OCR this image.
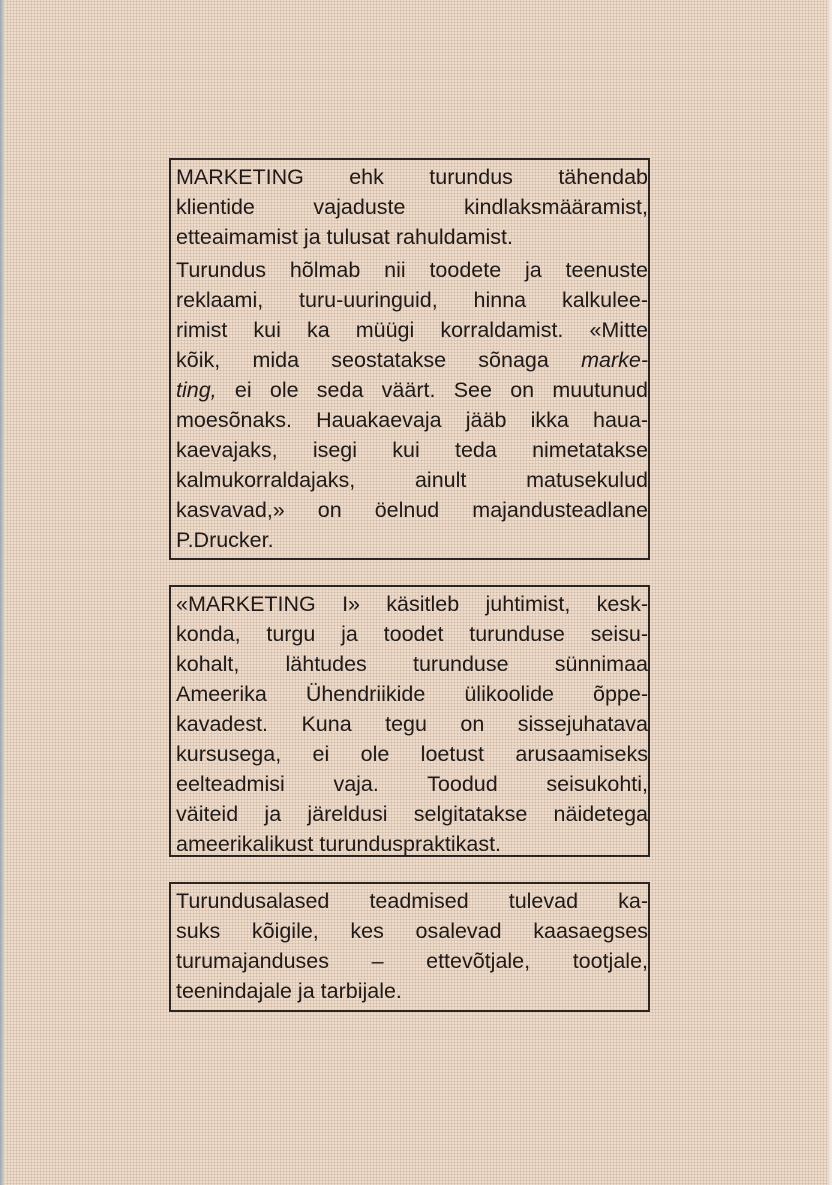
MARKETING ehk turundus tähendab
klientide vajaduste kindlaksmääramist,
etteaimamist ja tulusat rahuldamist.
Turundus hõlmab nii toodete ja teenuste
reklaami, turu-uuringuid, hinna kalkulee-
rimist kui ka müügi korraldamist. «Mitte
kõik, mida seostatakse sõnaga marke-
ting, ei ole seda väärt. See on muutunud
moesõnaks. Hauakaevaja jääb ikka haua-
kaevajaks, isegi kui teda nimetatakse
kalmukorraldajaks, ainult matusekulud
kasvavad,» on öelnud majandusteadlane
P.Drucker.
«MARKETING I» käsitleb juhtimist, kesk-
konda, turgu ja toodet turunduse seisu-
kohalt, lähtudes turunduse sünnimaa
Ameerika Ühendriikide ülikoolide õppe-
kavadest. Kuna tegu on sissejuhatava
kursusega, ei ole loetust arusaamiseks
eelteadmisi vaja. Toodud seisukohti,
väiteid ja järeldusi selgitatakse näidetega
ameerikalikust turunduspraktikast.
Turundusalased teadmised tulevad ka-
suks kõigile, kes osalevad kaasaegses
turumajanduses – ettevõtjale, tootjale,
teenindajale ja tarbijale.
